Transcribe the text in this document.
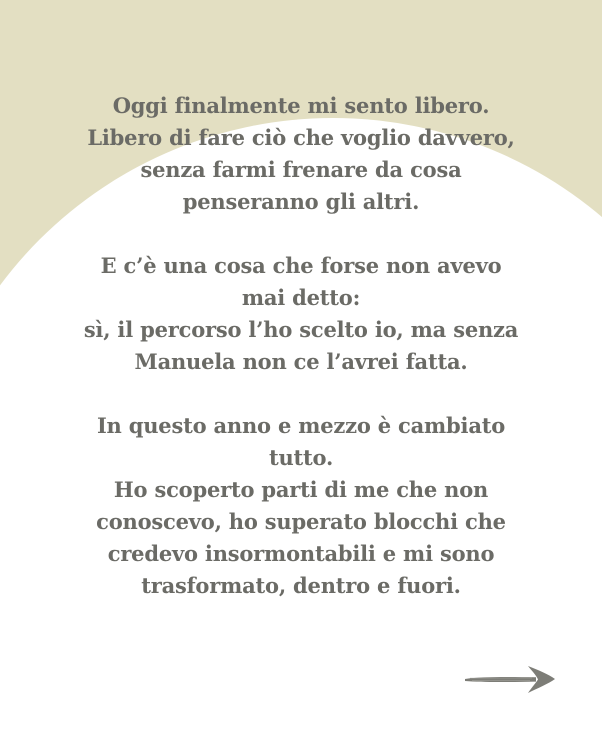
Oggi finalmente mi sento libero.
Libero di fare ciò che voglio davvero,
senza farmi frenare da cosa
penseranno gli altri.

E c’è una cosa che forse non avevo
mai detto:
sì, il percorso l’ho scelto io, ma senza
Manuela non ce l’avrei fatta.

In questo anno e mezzo è cambiato
tutto.
Ho scoperto parti di me che non
conoscevo, ho superato blocchi che
credevo insormontabili e mi sono
trasformato, dentro e fuori.
